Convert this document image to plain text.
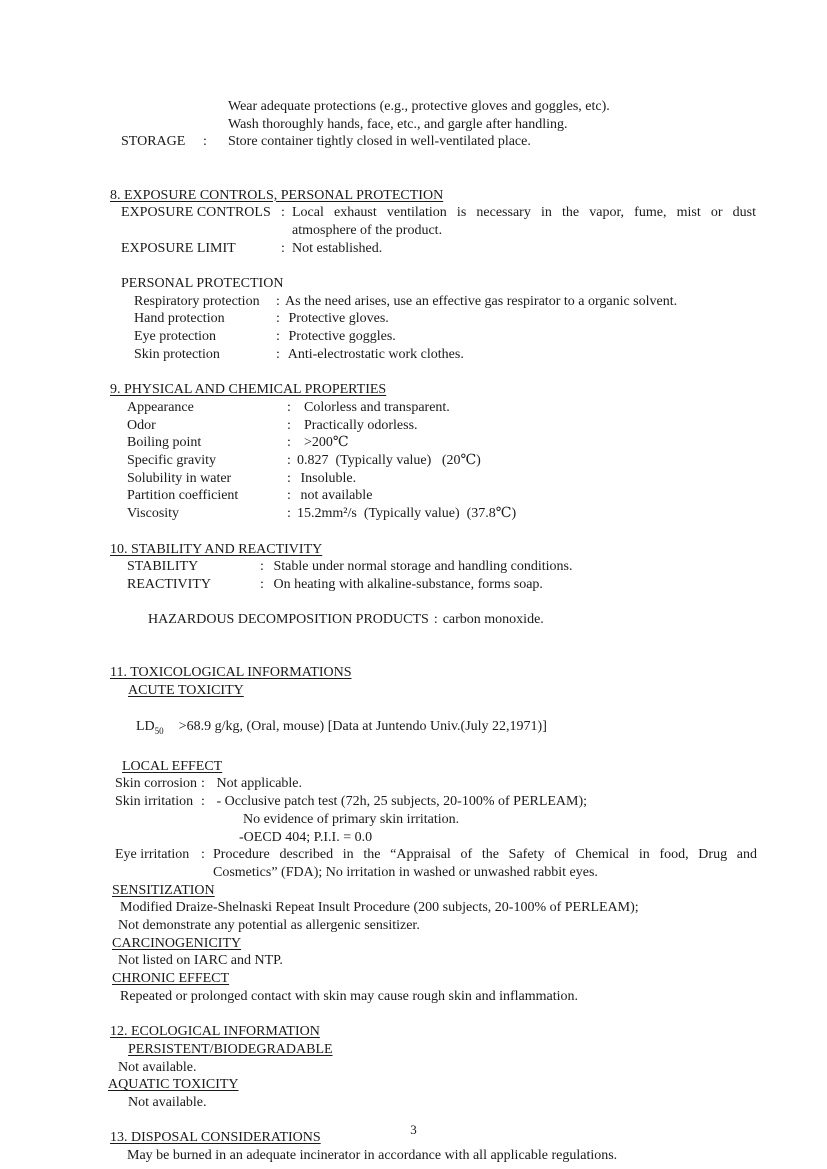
Wear adequate protections (e.g., protective gloves and goggles, etc).
Wash thoroughly hands, face, etc., and gargle after handling.
STORAGE	:	Store container tightly closed in well-ventilated place.
8. EXPOSURE CONTROLS, PERSONAL PROTECTION
EXPOSURE CONTROLS : Local exhaust ventilation is necessary in the vapor, fume, mist or dust
atmosphere of the product.
EXPOSURE LIMIT	: Not established.
PERSONAL PROTECTION
Respiratory protection	: As the need arises, use an effective gas respirator to a organic solvent.
Hand protection	: Protective gloves.
Eye protection	: Protective goggles.
Skin protection	: Anti-electrostatic work clothes.
9. PHYSICAL AND CHEMICAL PROPERTIES
Appearance	: Colorless and transparent.
Odor	: Practically odorless.
Boiling point	: >200℃
Specific gravity	: 0.827  (Typically value)   (20℃)
Solubility in water	: Insoluble.
Partition coefficient	: not available
Viscosity	: 15.2mm²/s  (Typically value)  (37.8℃)
10. STABILITY AND REACTIVITY
STABILITY	: Stable under normal storage and handling conditions.
REACTIVITY	: On heating with alkaline-substance, forms soap.

HAZARDOUS DECOMPOSITION PRODUCTS : carbon monoxide.

11. TOXICOLOGICAL INFORMATIONS
ACUTE TOXICITY

$LD_{50} >68.9$ g/kg, (Oral, mouse) [Data at Juntendo Univ.(July 22,1971)]

LOCAL EFFECT
Skin corrosion : Not applicable.
Skin irritation : - Occlusive patch test (72h, 25 subjects, 20-100% of PERLEAM);
No evidence of primary skin irritation.
-OECD 404; P.I.I. = 0.0
Eye irritation : Procedure described in the “Appraisal of the Safety of Chemical in food, Drug and
Cosmetics” (FDA); No irritation in washed or unwashed rabbit eyes.
SENSITIZATION
Modified Draize-Shelnaski Repeat Insult Procedure (200 subjects, 20-100% of PERLEAM);
Not demonstrate any potential as allergenic sensitizer.
CARCINOGENICITY
Not listed on IARC and NTP.
CHRONIC EFFECT
Repeated or prolonged contact with skin may cause rough skin and inflammation.
12. ECOLOGICAL INFORMATION
PERSISTENT/BIODEGRADABLE
Not available.
AQUATIC TOXICITY
Not available.
13. DISPOSAL CONSIDERATIONS
May be burned in an adequate incinerator in accordance with all applicable regulations.
3
